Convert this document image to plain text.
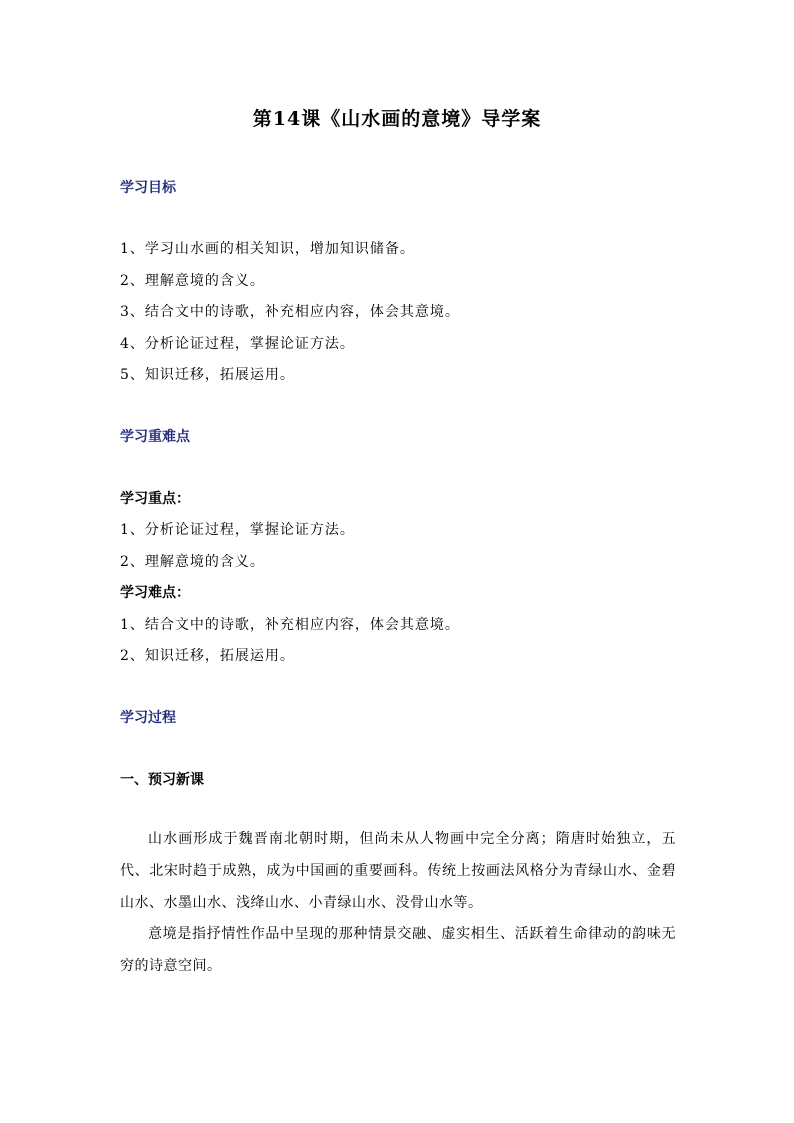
第14课《山水画的意境》导学案
学习目标
1、学习山水画的相关知识，增加知识储备。
2、理解意境的含义。
3、结合文中的诗歌，补充相应内容，体会其意境。
4、分析论证过程，掌握论证方法。
5、知识迁移，拓展运用。
学习重难点
学习重点：
1、分析论证过程，掌握论证方法。
2、理解意境的含义。
学习难点：
1、结合文中的诗歌，补充相应内容，体会其意境。
2、知识迁移，拓展运用。
学习过程
一、预习新课
山水画形成于魏晋南北朝时期，但尚未从人物画中完全分离；隋唐时始独立，五代、北宋时趋于成熟，成为中国画的重要画科。传统上按画法风格分为青绿山水、金碧山水、水墨山水、浅绛山水、小青绿山水、没骨山水等。
意境是指抒情性作品中呈现的那种情景交融、虚实相生、活跃着生命律动的韵味无穷的诗意空间。
